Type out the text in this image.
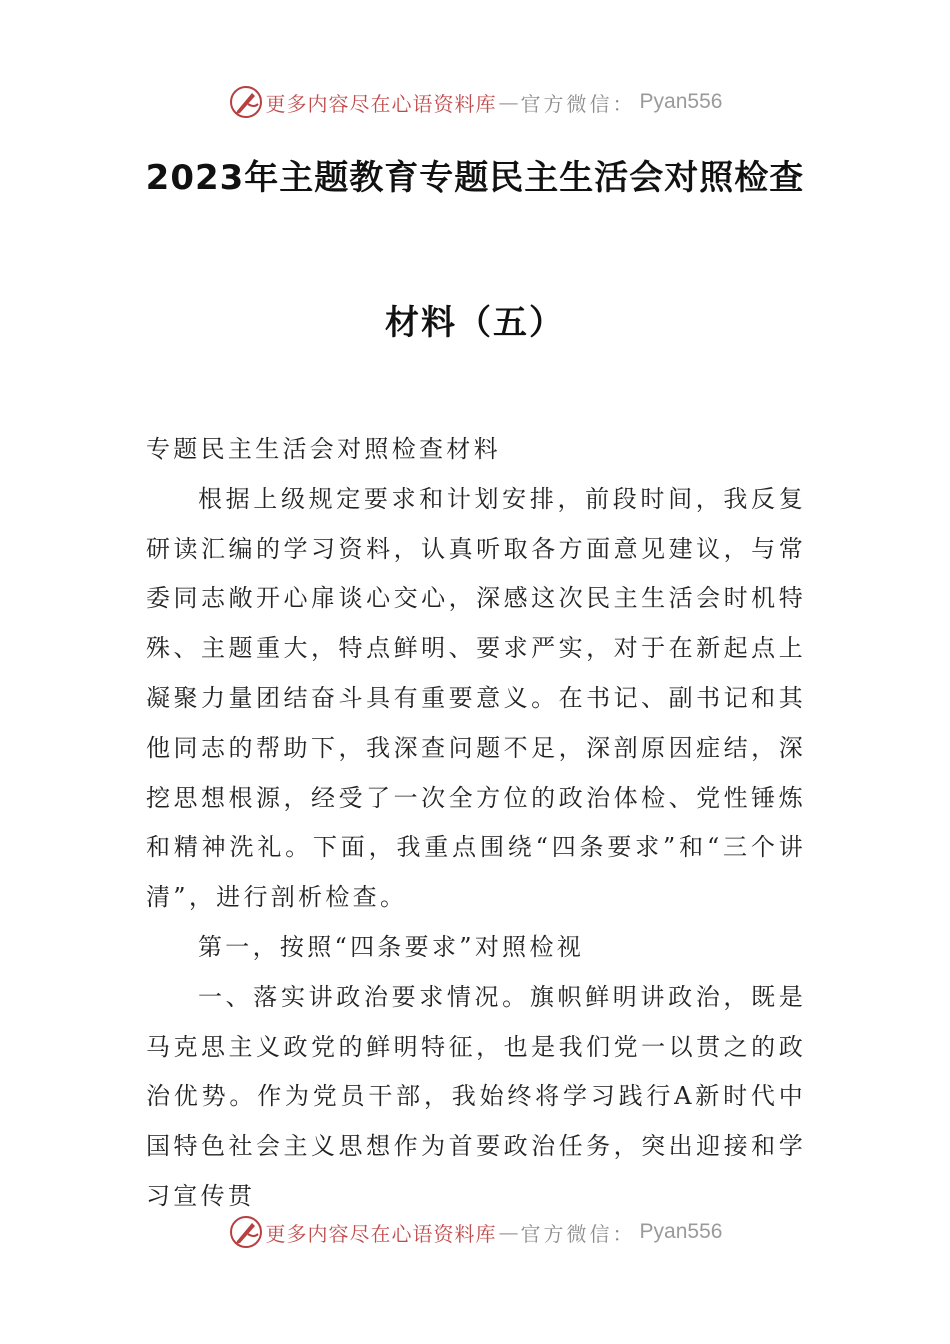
更多内容尽在心语资料库 — 官方微信： Pyan556
2023年主题教育专题民主生活会对照检查
材料（五）

专题民主生活会对照检查材料

根据上级规定要求和计划安排，前段时间，我反复研读汇编的学习资料，认真听取各方面意见建议，与常委同志敞开心扉谈心交心，深感这次民主生活会时机特殊、主题重大，特点鲜明、要求严实，对于在新起点上凝聚力量团结奋斗具有重要意义。在书记、副书记和其他同志的帮助下，我深查问题不足，深剖原因症结，深挖思想根源，经受了一次全方位的政治体检、党性锤炼和精神洗礼。下面，我重点围绕“四条要求”和“三个讲清”，进行剖析检查。

第一，按照“四条要求”对照检视

一、落实讲政治要求情况。旗帜鲜明讲政治，既是马克思主义政党的鲜明特征，也是我们党一以贯之的政治优势。作为党员干部，我始终将学习践行A新时代中国特色社会主义思想作为首要政治任务，突出迎接和学习宣传贯

更多内容尽在心语资料库 — 官方微信： Pyan556
